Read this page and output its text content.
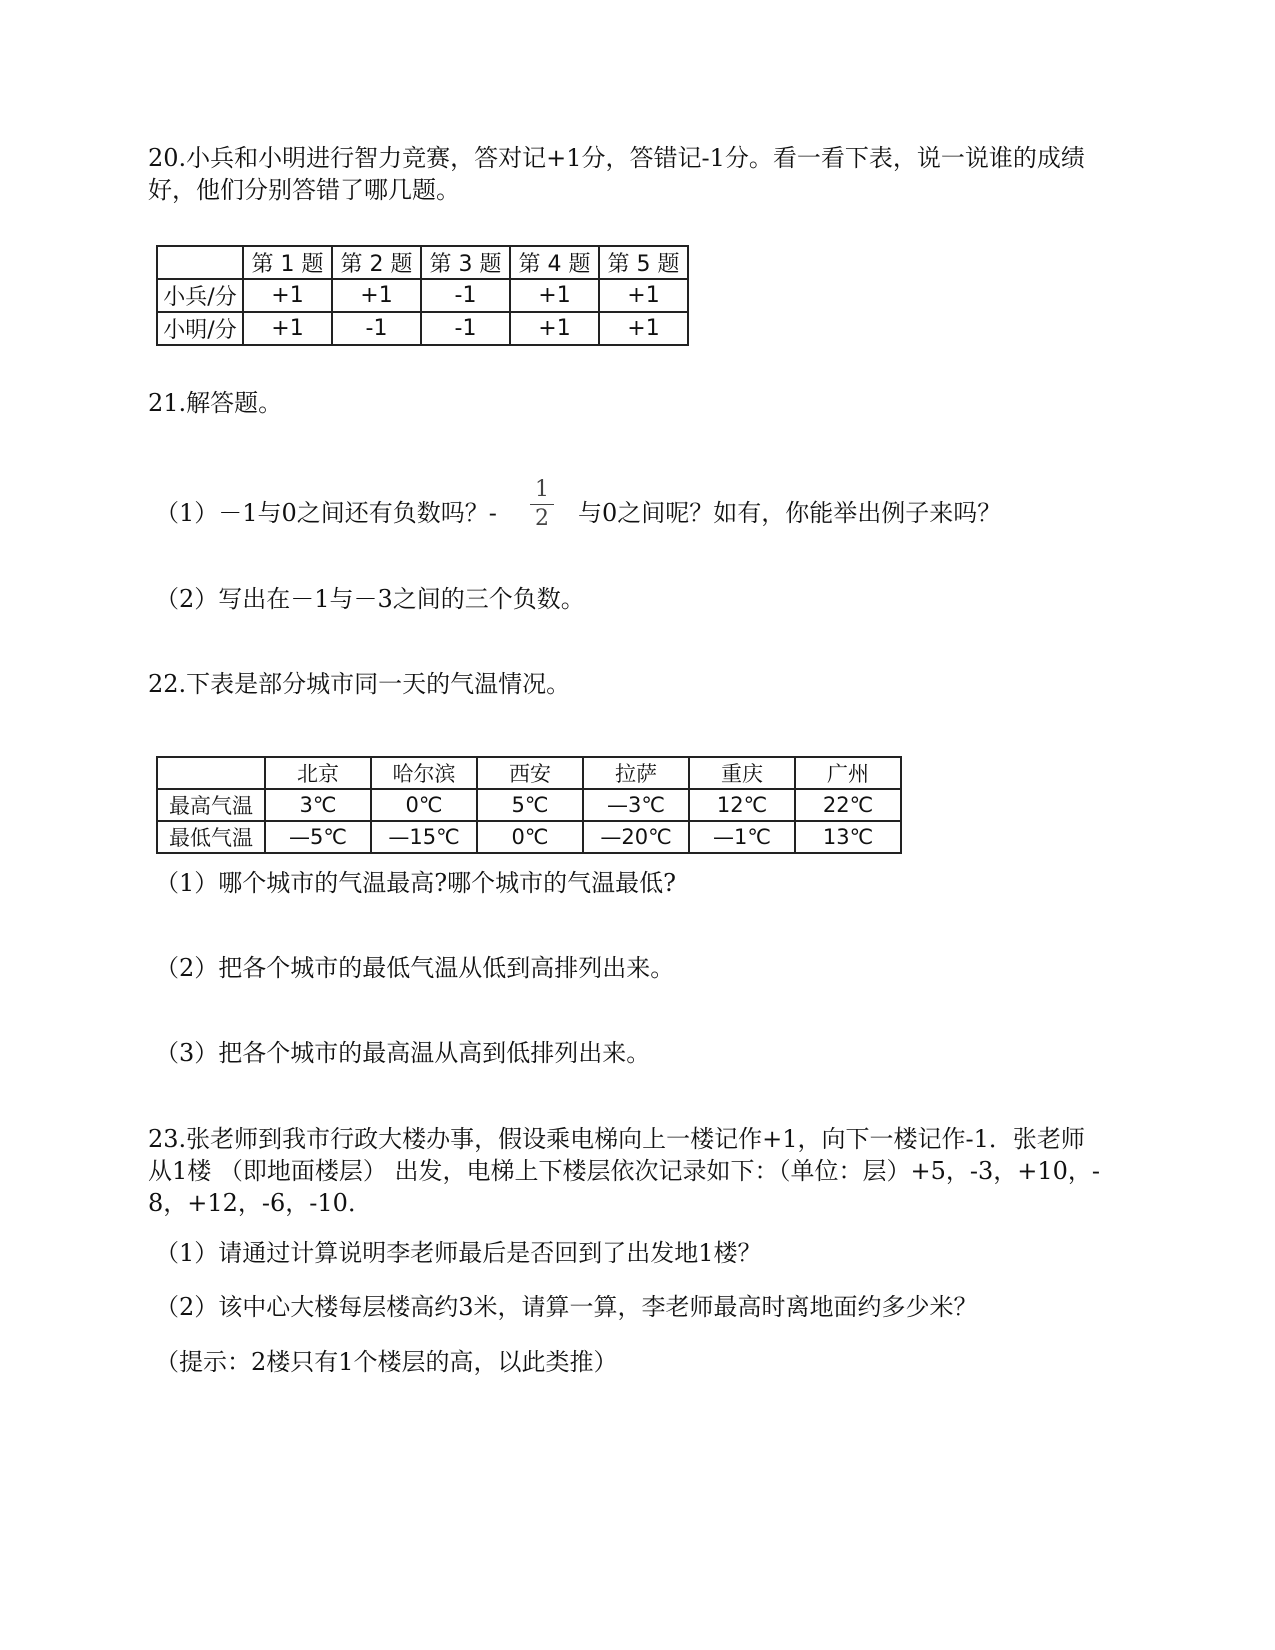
20.小兵和小明进行智力竞赛，答对记+1分，答错记-1分。看一看下表，说一说谁的成绩
好，他们分别答错了哪几题。
	第 1 题	第 2 题	第 3 题	第 4 题	第 5 题
小兵/分	+1	+1	-1	+1	+1
小明/分	+1	-1	-1	+1	+1
21.解答题。
1
2
（1）－1与0之间还有负数吗？-	与0之间呢？如有，你能举出例子来吗？
（2）写出在－1与－3之间的三个负数。
22.下表是部分城市同一天的气温情况。
	北京	哈尔滨	西安	拉萨	重庆	广州
最高气温	3℃	0℃	5℃	—3℃	12℃	22℃
最低气温	—5℃	—15℃	0℃	—20℃	—1℃	13℃
（1）哪个城市的气温最高?哪个城市的气温最低?
（2）把各个城市的最低气温从低到高排列出来。
（3）把各个城市的最高温从高到低排列出来。
23.张老师到我市行政大楼办事，假设乘电梯向上一楼记作+1，向下一楼记作-1．张老师
从1楼 （即地面楼层） 出发，电梯上下楼层依次记录如下：（单位：层）+5，-3，+10，-
8，+12，-6，-10．
（1）请通过计算说明李老师最后是否回到了出发地1楼？
（2）该中心大楼每层楼高约3米，请算一算，李老师最高时离地面约多少米？
（提示：2楼只有1个楼层的高，以此类推）
